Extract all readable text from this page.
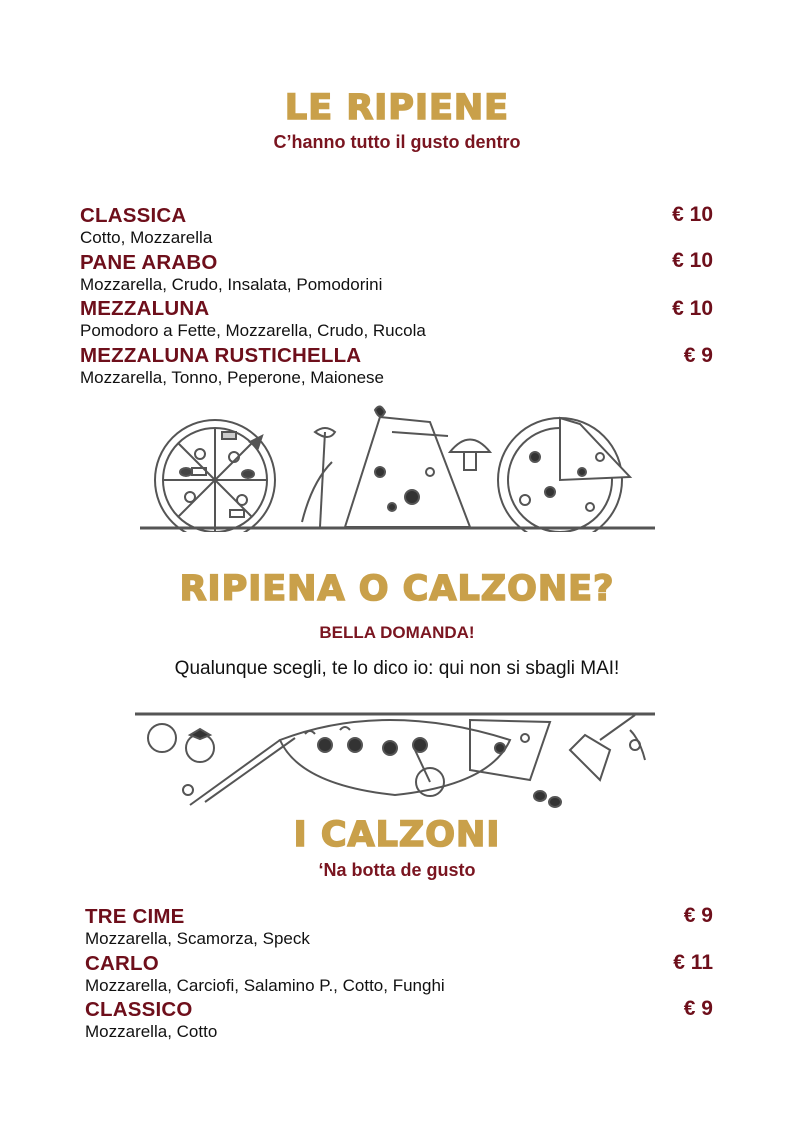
LE RIPIENE
C’hanno tutto il gusto dentro
CLASSICA
Cotto, Mozzarella
€ 10
PANE ARABO
Mozzarella, Crudo, Insalata, Pomodorini
€ 10
MEZZALUNA
Pomodoro a Fette, Mozzarella, Crudo, Rucola
€ 10
MEZZALUNA RUSTICHELLA
Mozzarella, Tonno, Peperone, Maionese
€ 9
RIPIENA O CALZONE?
BELLA DOMANDA!
Qualunque scegli, te lo dico io: qui non si sbagli MAI!
I CALZONI
‘Na botta de gusto
TRE CIME
Mozzarella, Scamorza, Speck
€ 9
CARLO
Mozzarella, Carciofi, Salamino P., Cotto, Funghi
€ 11
CLASSICO
Mozzarella, Cotto
€ 9
